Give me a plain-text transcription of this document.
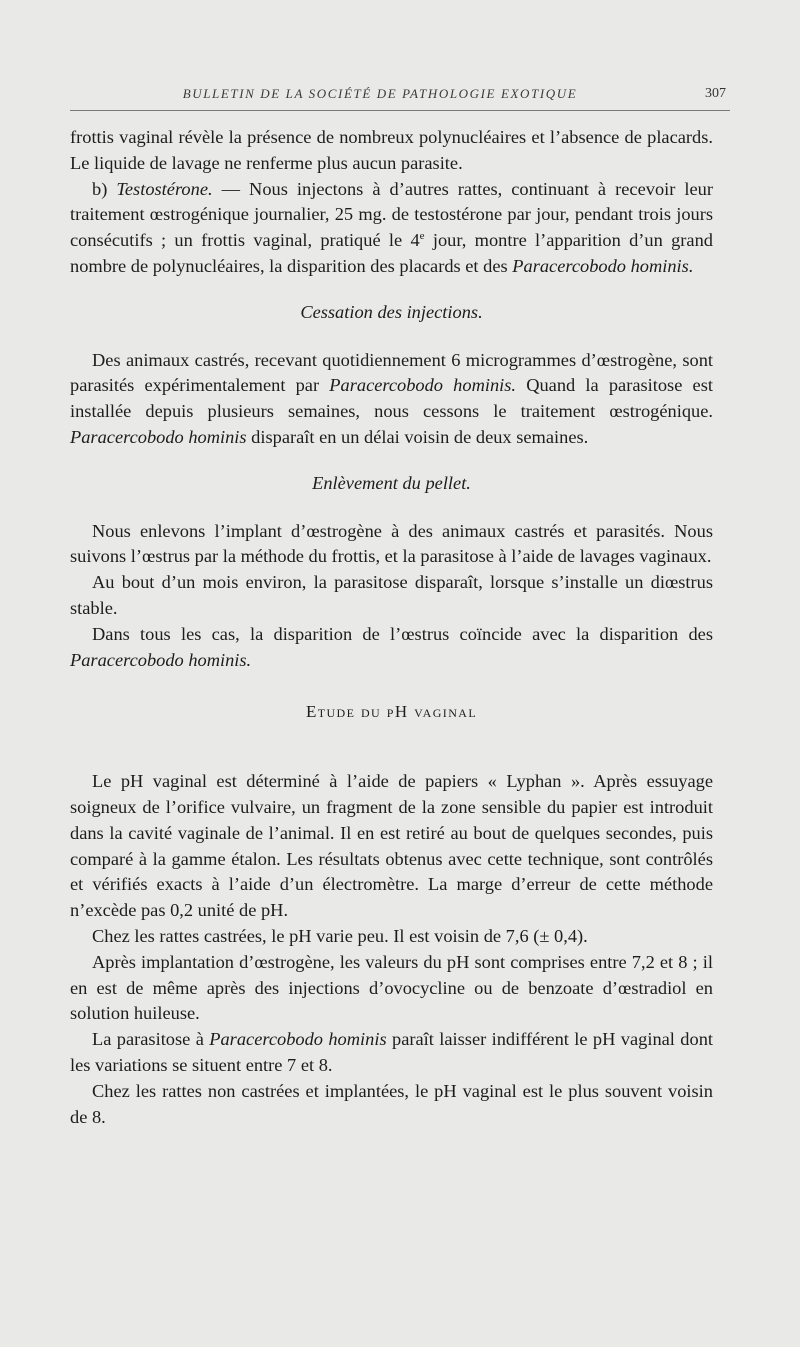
BULLETIN DE LA SOCIÉTÉ DE PATHOLOGIE EXOTIQUE	307

frottis vaginal révèle la présence de nombreux polynucléaires et l’absence de placards. Le liquide de lavage ne renferme plus aucun parasite.

b) Testostérone. — Nous injectons à d’autres rattes, continuant à recevoir leur traitement œstrogénique journalier, 25 mg. de testostérone par jour, pendant trois jours consécutifs ; un frottis vaginal, pratiqué le 4e jour, montre l’apparition d’un grand nombre de polynucléaires, la disparition des placards et des Paracercobodo hominis.

Cessation des injections.

Des animaux castrés, recevant quotidiennement 6 microgrammes d’œstrogène, sont parasités expérimentalement par Paracercobodo hominis. Quand la parasitose est installée depuis plusieurs semaines, nous cessons le traitement œstrogénique. Paracercobodo hominis disparaît en un délai voisin de deux semaines.

Enlèvement du pellet.

Nous enlevons l’implant d’œstrogène à des animaux castrés et parasités. Nous suivons l’œstrus par la méthode du frottis, et la parasitose à l’aide de lavages vaginaux.

Au bout d’un mois environ, la parasitose disparaît, lorsque s’installe un diœstrus stable.

Dans tous les cas, la disparition de l’œstrus coïncide avec la disparition des Paracercobodo hominis.

Etude du pH vaginal

Le pH vaginal est déterminé à l’aide de papiers « Lyphan ». Après essuyage soigneux de l’orifice vulvaire, un fragment de la zone sensible du papier est introduit dans la cavité vaginale de l’animal. Il en est retiré au bout de quelques secondes, puis comparé à la gamme étalon. Les résultats obtenus avec cette technique, sont contrôlés et vérifiés exacts à l’aide d’un électromètre. La marge d’erreur de cette méthode n’excède pas 0,2 unité de pH.

Chez les rattes castrées, le pH varie peu. Il est voisin de 7,6 (± 0,4).

Après implantation d’œstrogène, les valeurs du pH sont comprises entre 7,2 et 8 ; il en est de même après des injections d’ovocycline ou de benzoate d’œstradiol en solution huileuse.

La parasitose à Paracercobodo hominis paraît laisser indifférent le pH vaginal dont les variations se situent entre 7 et 8.

Chez les rattes non castrées et implantées, le pH vaginal est le plus souvent voisin de 8.
